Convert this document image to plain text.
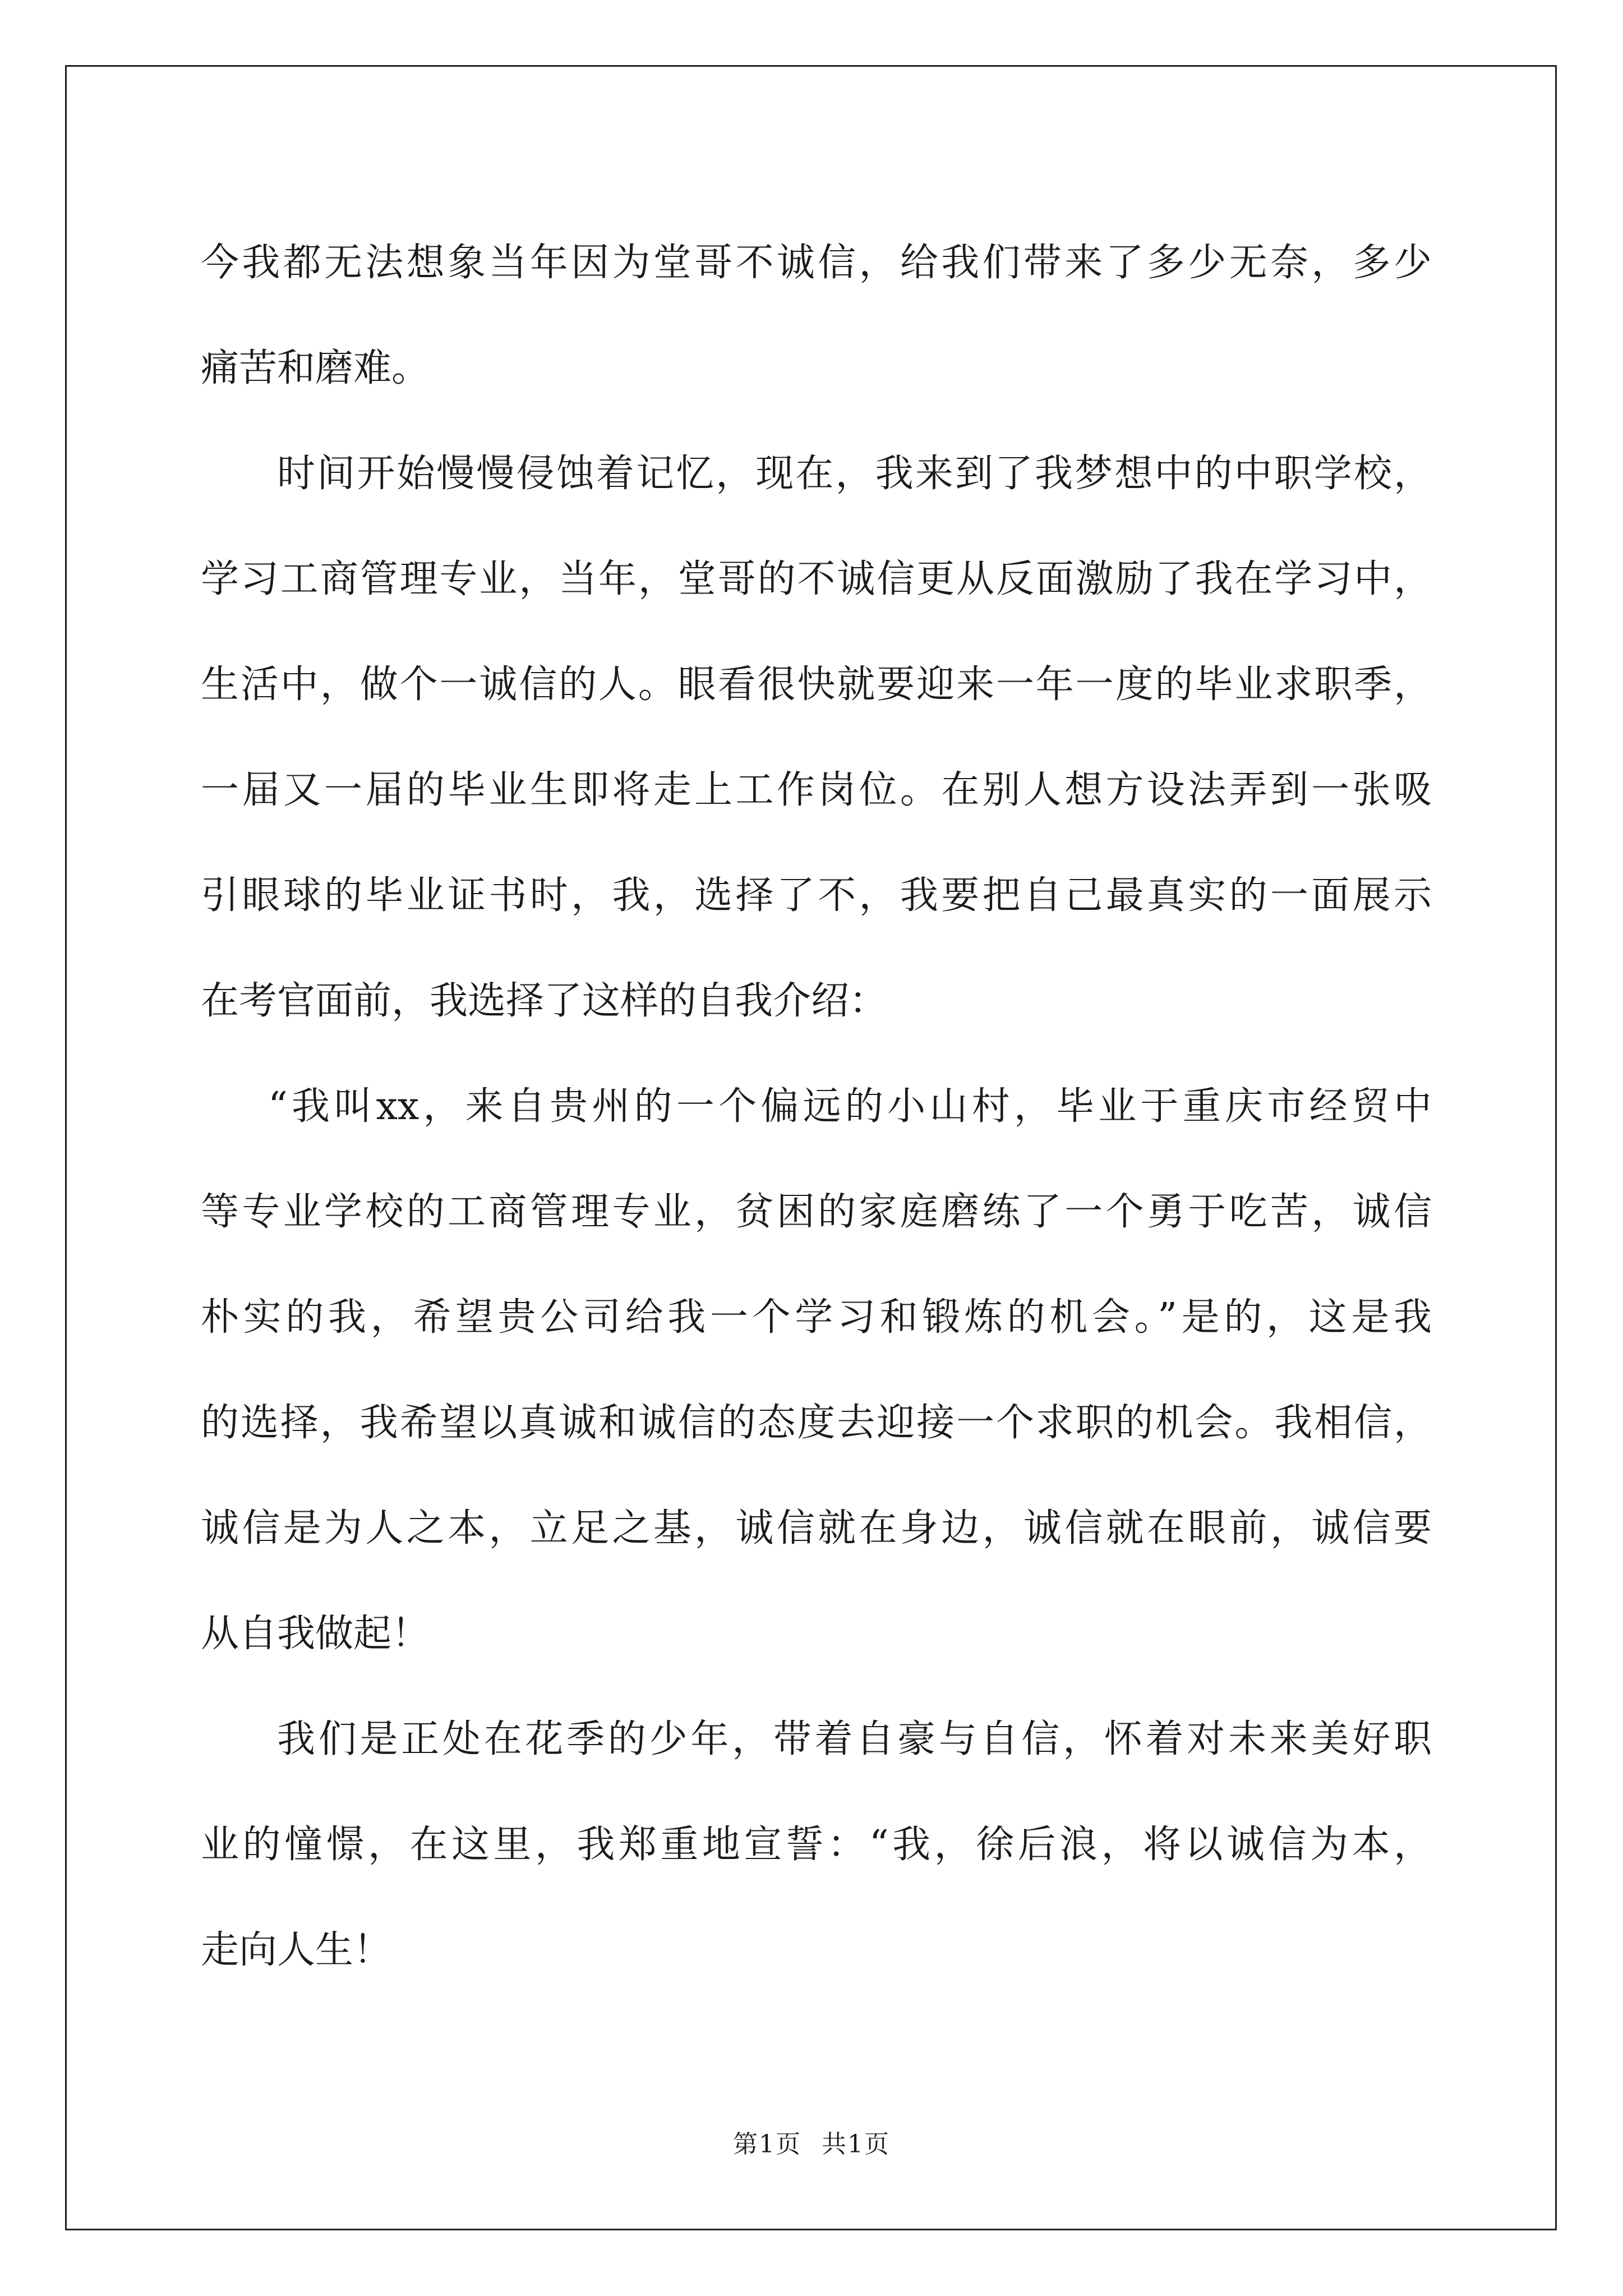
今我都无法想象当年因为堂哥不诚信，给我们带来了多少无奈，多少
痛苦和磨难。
时间开始慢慢侵蚀着记忆，现在，我来到了我梦想中的中职学校，
学习工商管理专业，当年，堂哥的不诚信更从反面激励了我在学习中，
生活中，做个一诚信的人。眼看很快就要迎来一年一度的毕业求职季，
一届又一届的毕业生即将走上工作岗位。在别人想方设法弄到一张吸
引眼球的毕业证书时，我，选择了不，我要把自己最真实的一面展示
在考官面前，我选择了这样的自我介绍：
“我叫xx，来自贵州的一个偏远的小山村，毕业于重庆市经贸中
等专业学校的工商管理专业，贫困的家庭磨练了一个勇于吃苦，诚信
朴实的我，希望贵公司给我一个学习和锻炼的机会。”是的，这是我
的选择，我希望以真诚和诚信的态度去迎接一个求职的机会。我相信，
诚信是为人之本，立足之基，诚信就在身边，诚信就在眼前，诚信要
从自我做起！
我们是正处在花季的少年，带着自豪与自信，怀着对未来美好职
业的憧憬，在这里，我郑重地宣誓：“我，徐后浪，将以诚信为本，
走向人生！
第1页 共1页
